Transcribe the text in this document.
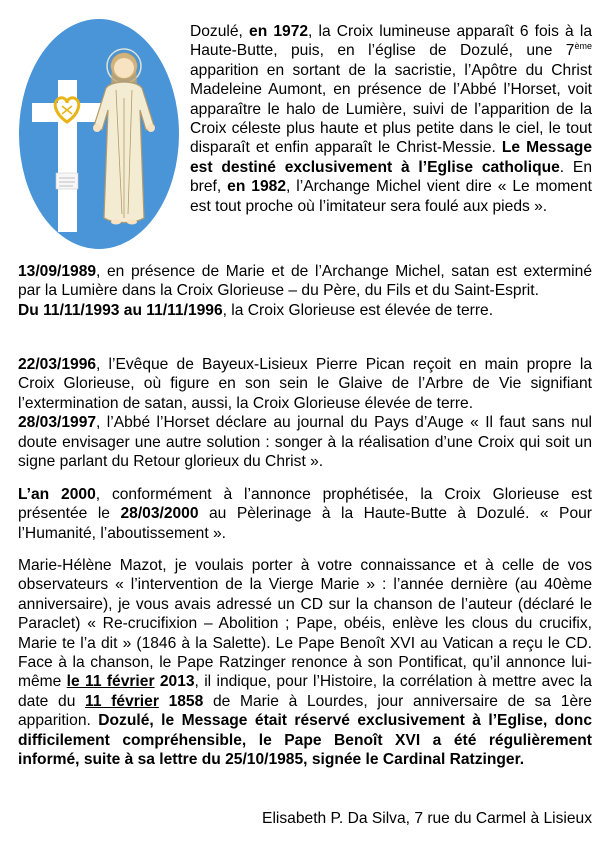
Dozulé, en 1972, la Croix lumineuse apparaît 6 fois à la Haute-Butte, puis, en l’église de Dozulé, une 7ème apparition en sortant de la sacristie, l’Apôtre du Christ Madeleine Aumont, en présence de l’Abbé l’Horset, voit apparaître le halo de Lumière, suivi de l’apparition de la Croix céleste plus haute et plus petite dans le ciel, le tout disparaît et enfin apparaît le Christ-Messie. Le Message est destiné exclusivement à l’Eglise catholique. En bref, en 1982, l’Archange Michel vient dire « Le moment est tout proche où l’imitateur sera foulé aux pieds ».

13/09/1989, en présence de Marie et de l’Archange Michel, satan est exterminé par la Lumière dans la Croix Glorieuse – du Père, du Fils et du Saint-Esprit.
Du 11/11/1993 au 11/11/1996, la Croix Glorieuse est élevée de terre.

22/03/1996, l’Evêque de Bayeux-Lisieux Pierre Pican reçoit en main propre la Croix Glorieuse, où figure en son sein le Glaive de l’Arbre de Vie signifiant l’extermination de satan, aussi, la Croix Glorieuse élevée de terre.
28/03/1997, l’Abbé l’Horset déclare au journal du Pays d’Auge « Il faut sans nul doute envisager une autre solution : songer à la réalisation d’une Croix qui soit un signe parlant du Retour glorieux du Christ ».

L’an 2000, conformément à l’annonce prophétisée, la Croix Glorieuse est présentée le 28/03/2000 au Pèlerinage à la Haute-Butte à Dozulé. « Pour l’Humanité, l’aboutissement ».

Marie-Hélène Mazot, je voulais porter à votre connaissance et à celle de vos observateurs « l’intervention de la Vierge Marie » : l’année dernière (au 40ème anniversaire), je vous avais adressé un CD sur la chanson de l’auteur (déclaré le Paraclet) « Re-crucifixion – Abolition ; Pape, obéis, enlève les clous du crucifix, Marie te l’a dit » (1846 à la Salette). Le Pape Benoît XVI au Vatican a reçu le CD. Face à la chanson, le Pape Ratzinger renonce à son Pontificat, qu’il annonce lui-même le 11 février 2013, il indique, pour l’Histoire, la corrélation à mettre avec la date du 11 février 1858 de Marie à Lourdes, jour anniversaire de sa 1ère apparition. Dozulé, le Message était réservé exclusivement à l’Eglise, donc difficilement compréhensible, le Pape Benoît XVI a été régulièrement informé, suite à sa lettre du 25/10/1985, signée le Cardinal Ratzinger.

Elisabeth P. Da Silva, 7 rue du Carmel à Lisieux
